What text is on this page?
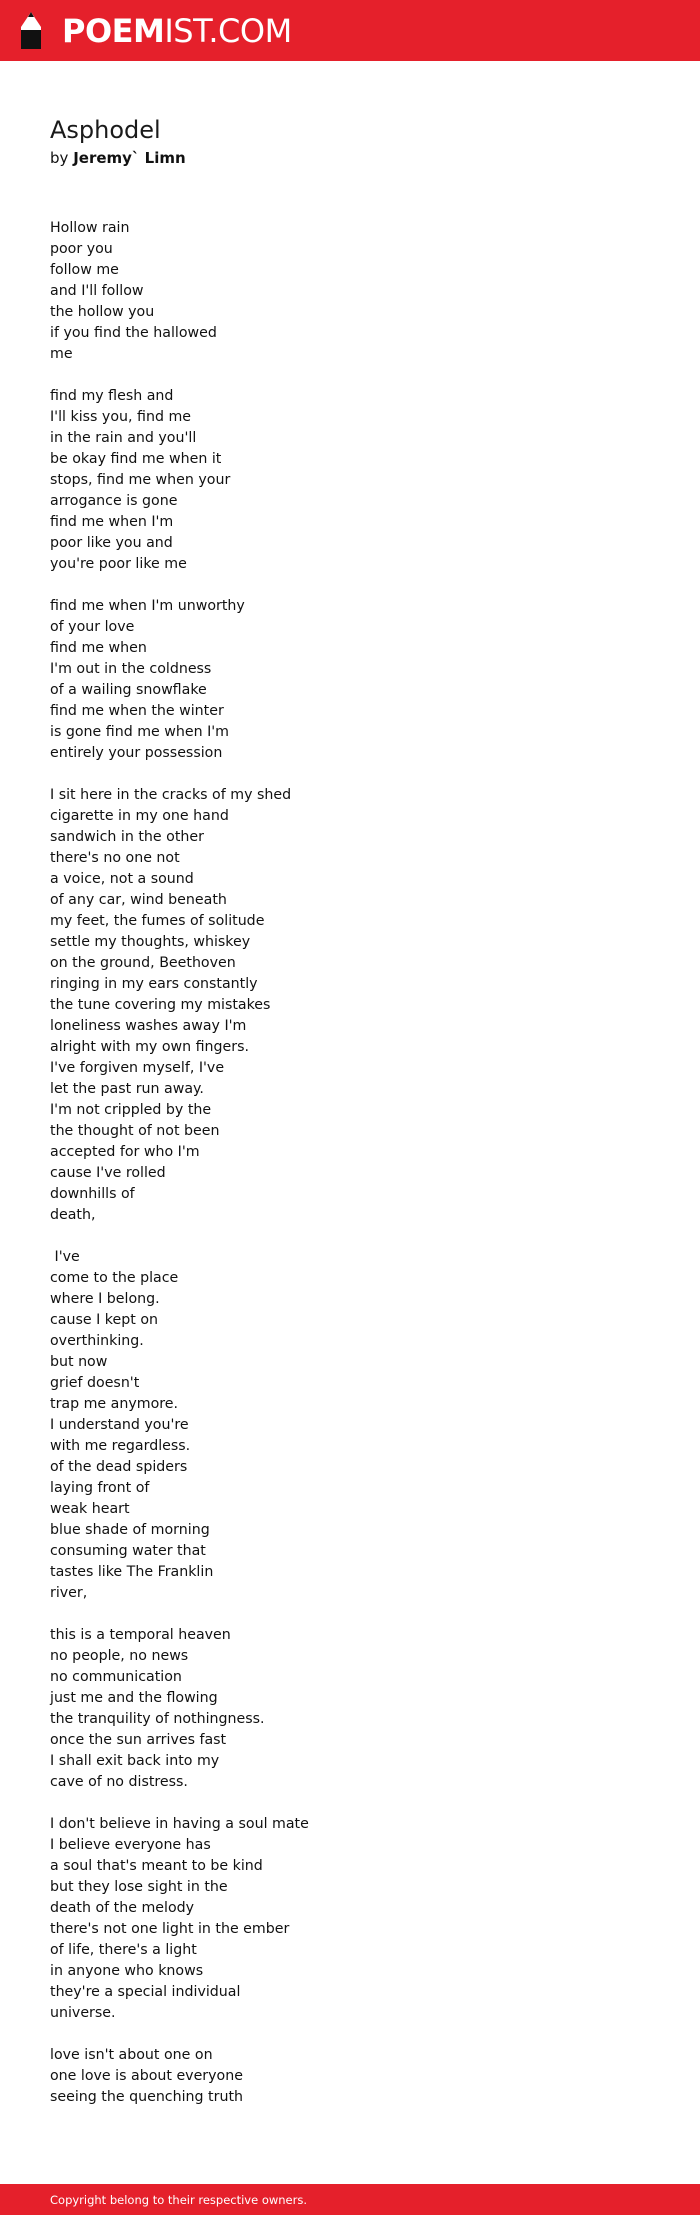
POEMIST.COM
Asphodel
by Jeremy` Limn
Hollow rain
poor you
follow me
and I'll follow
the hollow you
if you find the hallowed
me

find my flesh and
I'll kiss you, find me
in the rain and you'll
be okay find me when it
stops, find me when your
arrogance is gone
find me when I'm
poor like you and
you're poor like me

find me when I'm unworthy
of your love
find me when
I'm out in the coldness
of a wailing snowflake
find me when the winter
is gone find me when I'm
entirely your possession

I sit here in the cracks of my shed
cigarette in my one hand
sandwich in the other
there's no one not
a voice, not a sound
of any car, wind beneath
my feet, the fumes of solitude
settle my thoughts, whiskey
on the ground, Beethoven
ringing in my ears constantly
the tune covering my mistakes
loneliness washes away I'm
alright with my own fingers.
I've forgiven myself, I've
let the past run away.
I'm not crippled by the
the thought of not been
accepted for who I'm
cause I've rolled
downhills of
death,

I've
come to the place
where I belong.
cause I kept on
overthinking.
but now
grief doesn't
trap me anymore.
I understand you're
with me regardless.
of the dead spiders
laying front of
weak heart
blue shade of morning
consuming water that
tastes like The Franklin
river,

this is a temporal heaven
no people, no news
no communication
just me and the flowing
the tranquility of nothingness.
once the sun arrives fast
I shall exit back into my
cave of no distress.

I don't believe in having a soul mate
I believe everyone has
a soul that's meant to be kind
but they lose sight in the
death of the melody
there's not one light in the ember
of life, there's a light
in anyone who knows
they're a special individual
universe.

love isn't about one on
one love is about everyone
seeing the quenching truth
Copyright belong to their respective owners.
